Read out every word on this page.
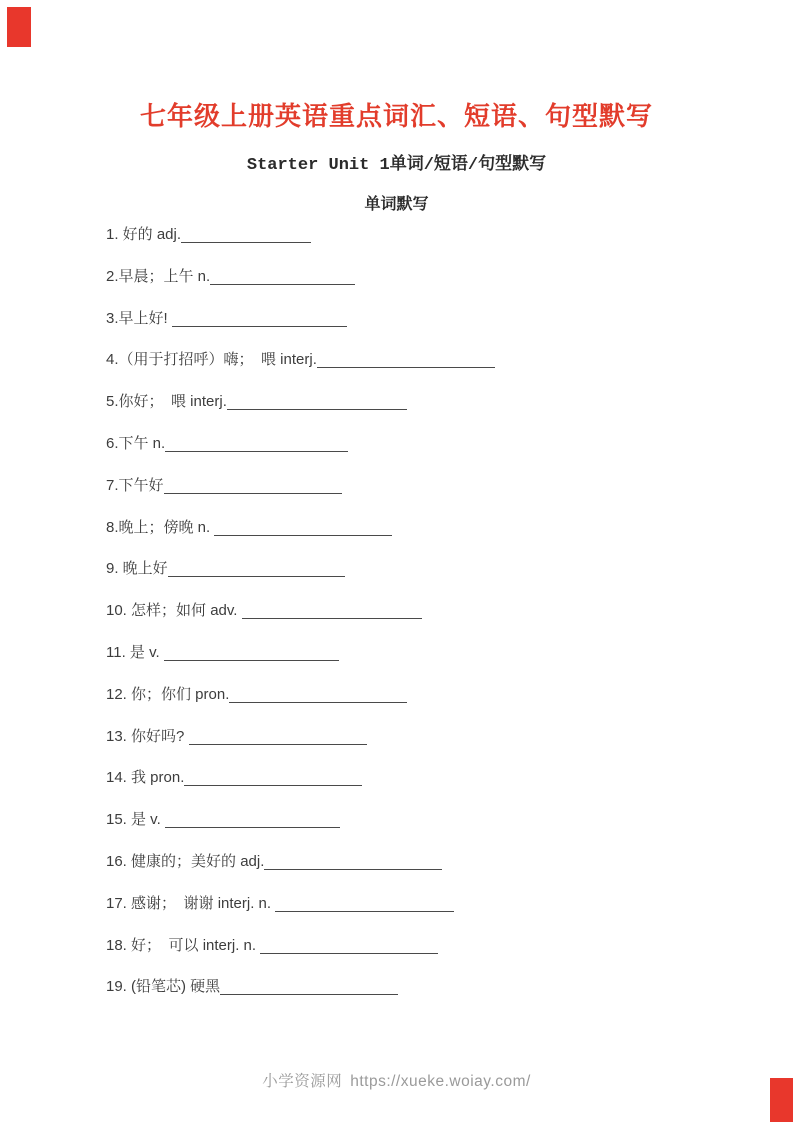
七年级上册英语重点词汇、短语、句型默写
Starter Unit 1单词/短语/句型默写
单词默写
1. 好的 adj.
2.早晨；上午 n.
3.早上好!
4.（用于打招呼）嗨；　喂 interj.
5.你好；　喂 interj.
6.下午 n.
7.下午好
8.晚上；傍晚 n.
9. 晚上好
10. 怎样；如何 adv.
11. 是 v.
12. 你；你们 pron.
13. 你好吗?
14. 我 pron.
15. 是 v.
16. 健康的；美好的 adj.
17. 感谢；　谢谢 interj. n.
18. 好；　可以 interj. n.
19. (铅笔芯) 硬黑
小学资源网 https://xueke.woiay.com/
